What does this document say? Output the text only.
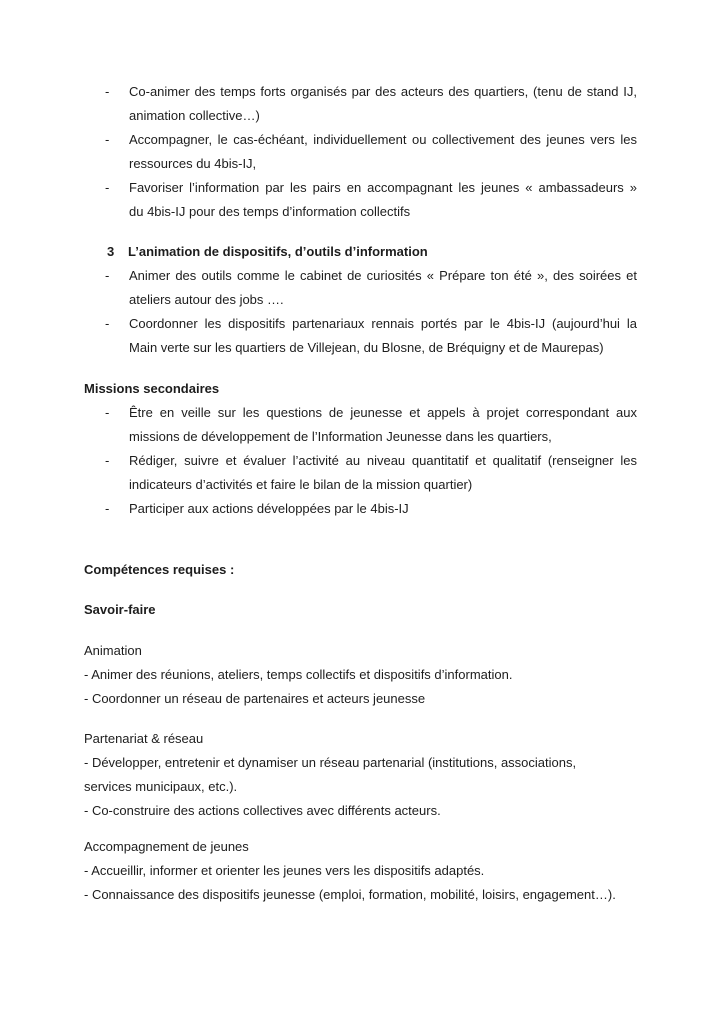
- Co-animer des temps forts organisés par des acteurs des quartiers, (tenu de stand IJ,
animation collective…)
- Accompagner, le cas-échéant, individuellement ou collectivement des jeunes vers les
ressources du 4bis-IJ,
- Favoriser l’information par les pairs en accompagnant les jeunes « ambassadeurs »
du 4bis-IJ pour des temps d’information collectifs
3 L’animation de dispositifs, d’outils d’information
- Animer des outils comme le cabinet de curiosités « Prépare ton été », des soirées et
ateliers autour des jobs ….
- Coordonner les dispositifs partenariaux rennais portés par le 4bis-IJ (aujourd’hui la
Main verte sur les quartiers de Villejean, du Blosne, de Bréquigny et de Maurepas)
Missions secondaires
- Être en veille sur les questions de jeunesse et appels à projet correspondant aux
missions de développement de l’Information Jeunesse dans les quartiers,
- Rédiger, suivre et évaluer l’activité au niveau quantitatif et qualitatif (renseigner les
indicateurs d’activités et faire le bilan de la mission quartier)
- Participer aux actions développées par le 4bis-IJ
Compétences requises :
Savoir-faire
Animation
- Animer des réunions, ateliers, temps collectifs et dispositifs d’information.
- Coordonner un réseau de partenaires et acteurs jeunesse
Partenariat & réseau
- Développer, entretenir et dynamiser un réseau partenarial (institutions, associations,
services municipaux, etc.).
- Co-construire des actions collectives avec différents acteurs.
Accompagnement de jeunes
- Accueillir, informer et orienter les jeunes vers les dispositifs adaptés.
- Connaissance des dispositifs jeunesse (emploi, formation, mobilité, loisirs, engagement…).
